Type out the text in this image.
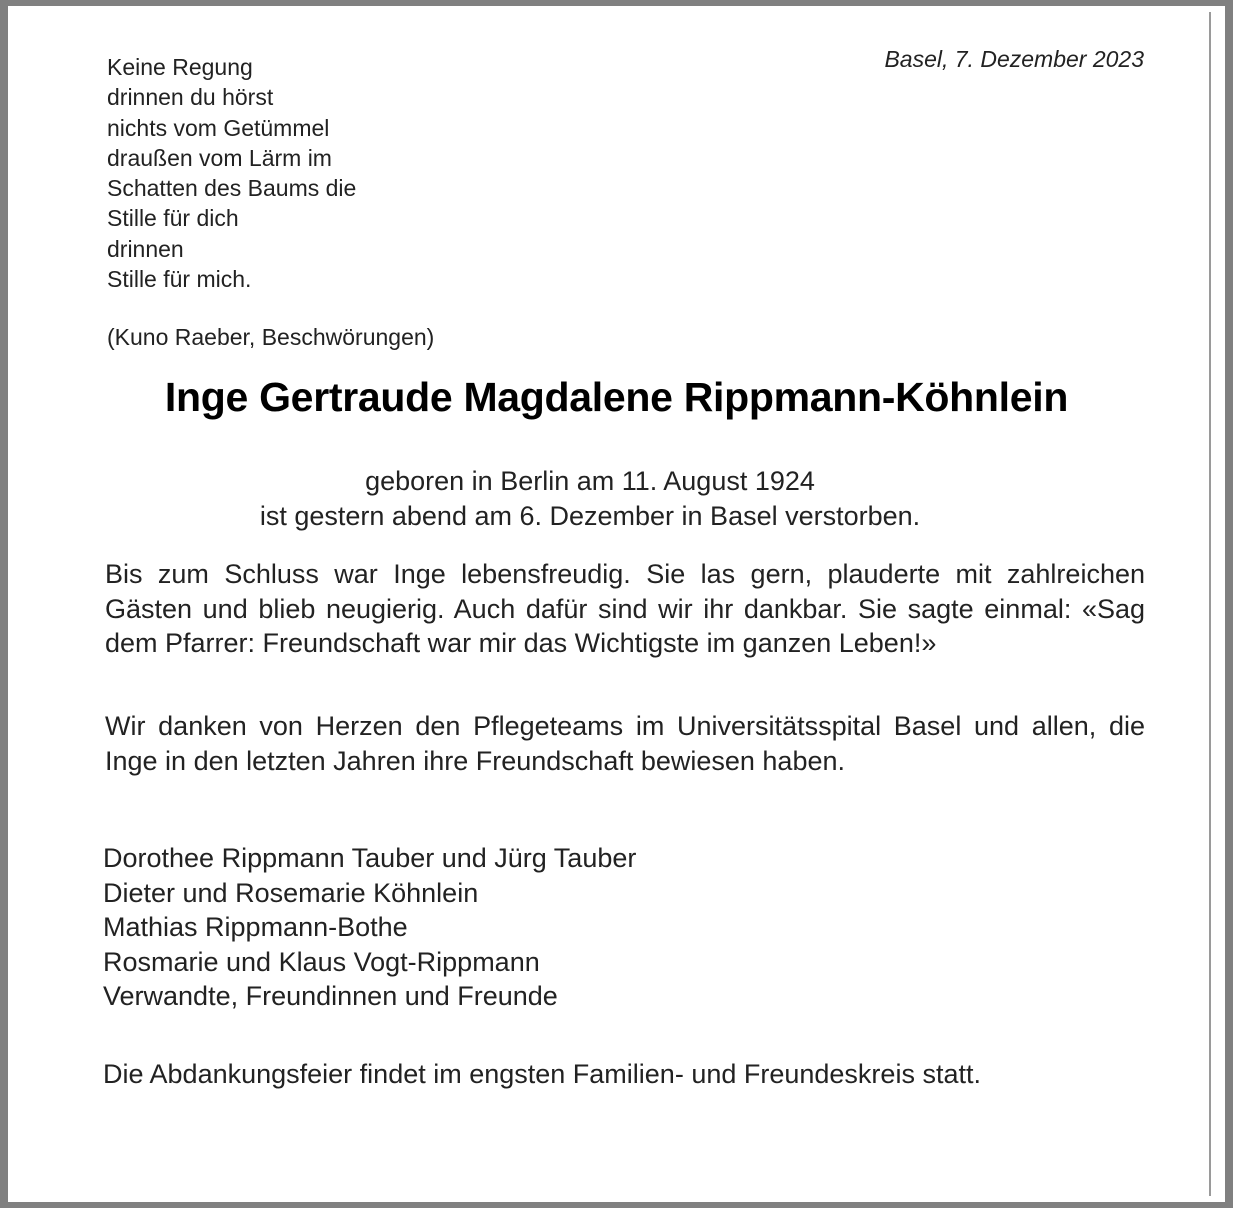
Basel, 7. Dezember 2023

Keine Regung
drinnen du hörst
nichts vom Getümmel
draußen vom Lärm im
Schatten des Baums die
Stille für dich
drinnen
Stille für mich.

(Kuno Raeber, Beschwörungen)

Inge Gertraude Magdalene Rippmann-Köhnlein
geboren in Berlin am 11. August 1924
ist gestern abend am 6. Dezember in Basel verstorben.

Bis zum Schluss war Inge lebensfreudig. Sie las gern, plauderte mit zahlreichen Gästen und blieb neugierig. Auch dafür sind wir ihr dankbar. Sie sagte einmal: «Sag dem Pfarrer: Freundschaft war mir das Wichtigste im ganzen Leben!»

Wir danken von Herzen den Pflegeteams im Universitätsspital Basel und allen, die Inge in den letzten Jahren ihre Freundschaft bewiesen haben.

Dorothee Rippmann Tauber und Jürg Tauber
Dieter und Rosemarie Köhnlein
Mathias Rippmann-Bothe
Rosmarie und Klaus Vogt-Rippmann
Verwandte, Freundinnen und Freunde

Die Abdankungsfeier findet im engsten Familien- und Freundeskreis statt.
